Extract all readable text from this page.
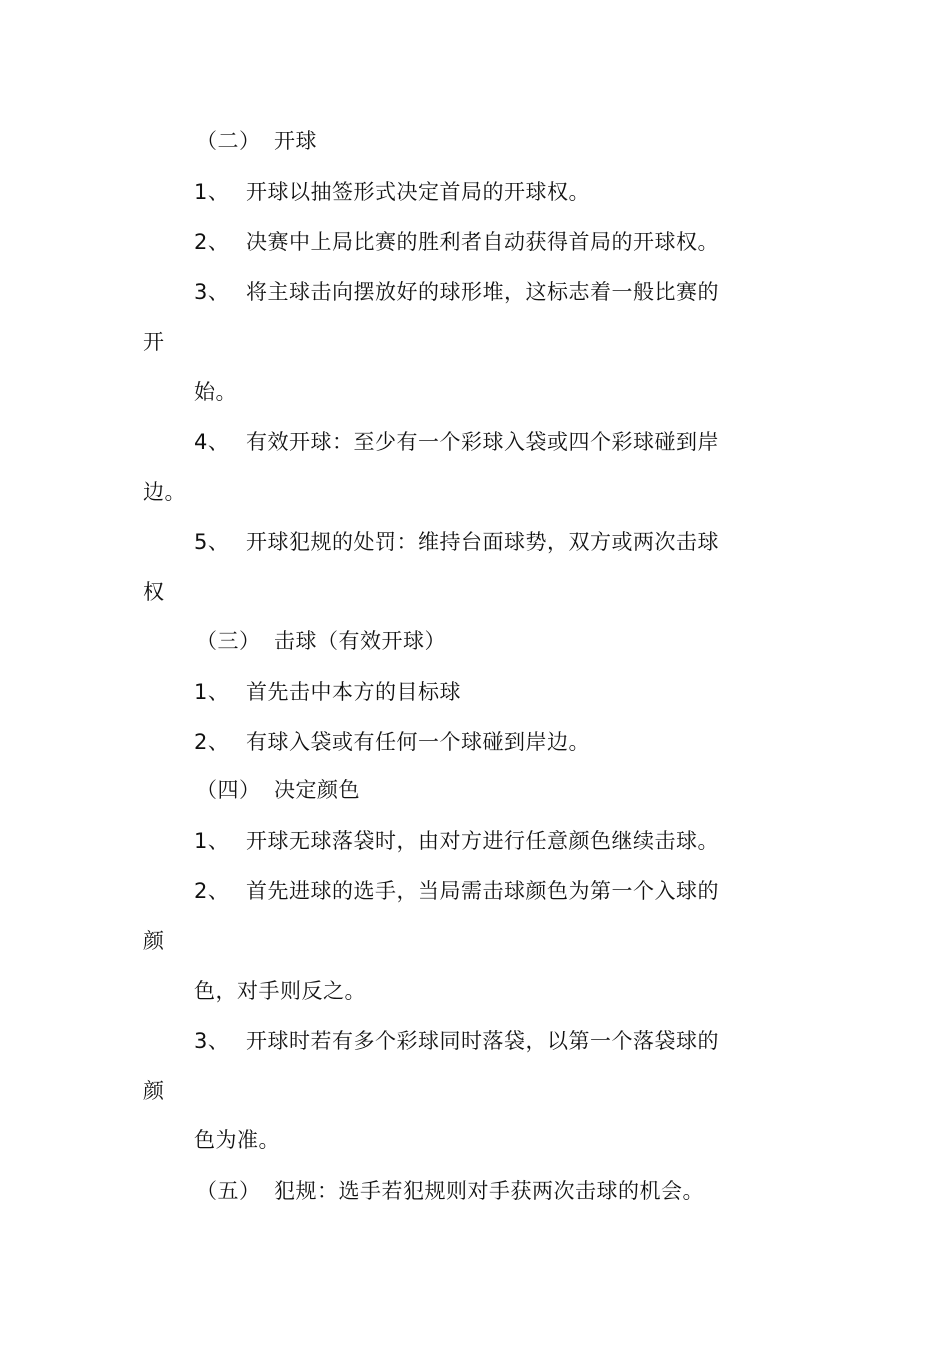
（二） 开球
1、 开球以抽签形式决定首局的开球权。
2、 决赛中上局比赛的胜利者自动获得首局的开球权。
3、 将主球击向摆放好的球形堆，这标志着一般比赛的
开
始。
4、 有效开球：至少有一个彩球入袋或四个彩球碰到岸
边。
5、 开球犯规的处罚：维持台面球势，双方或两次击球
权
（三） 击球（有效开球）
1、 首先击中本方的目标球
2、 有球入袋或有任何一个球碰到岸边。
（四） 决定颜色
1、 开球无球落袋时，由对方进行任意颜色继续击球。
2、 首先进球的选手，当局需击球颜色为第一个入球的
颜
色，对手则反之。
3、 开球时若有多个彩球同时落袋，以第一个落袋球的
颜
色为准。
（五） 犯规：选手若犯规则对手获两次击球的机会。
